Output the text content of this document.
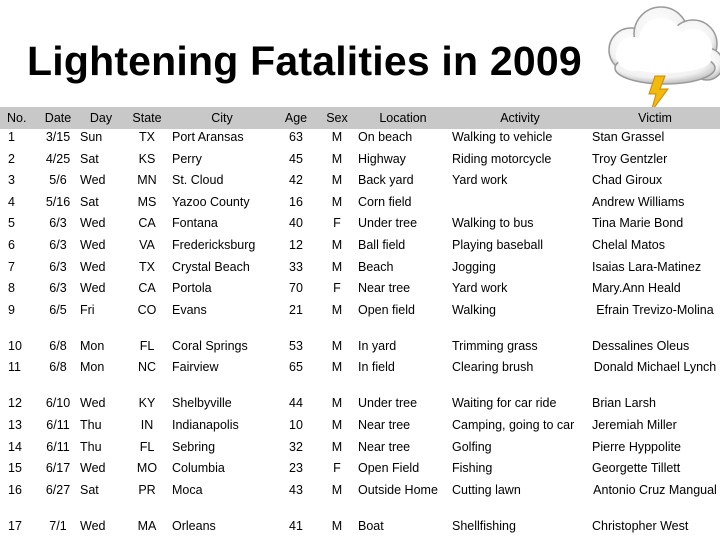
Lightening Fatalities in 2009
No.	Date	Day	State	City	Age	Sex	Location	Activity	Victim
1	3/15	Sun	TX	Port Aransas	63	M	On beach	Walking to vehicle	Stan Grassel
2	4/25	Sat	KS	Perry	45	M	Highway	Riding motorcycle	Troy Gentzler
3	5/6	Wed	MN	St. Cloud	42	M	Back yard	Yard work	Chad Giroux
4	5/16	Sat	MS	Yazoo County	16	M	Corn field		Andrew Williams
5	6/3	Wed	CA	Fontana	40	F	Under tree	Walking to bus	Tina Marie Bond
6	6/3	Wed	VA	Fredericksburg	12	M	Ball field	Playing baseball	Chelal Matos
7	6/3	Wed	TX	Crystal Beach	33	M	Beach	Jogging	Isaias Lara-Matinez
8	6/3	Wed	CA	Portola	70	F	Near tree	Yard work	Mary.Ann Heald
9	6/5	Fri	CO	Evans	21	M	Open field	Walking	Efrain Trevizo-Molina
10	6/8	Mon	FL	Coral Springs	53	M	In yard	Trimming grass	Dessalines Oleus
11	6/8	Mon	NC	Fairview	65	M	In field	Clearing brush	Donald Michael Lynch
12	6/10	Wed	KY	Shelbyville	44	M	Under tree	Waiting for car ride	Brian Larsh
13	6/11	Thu	IN	Indianapolis	10	M	Near tree	Camping, going to car	Jeremiah Miller
14	6/11	Thu	FL	Sebring	32	M	Near tree	Golfing	Pierre Hyppolite
15	6/17	Wed	MO	Columbia	23	F	Open Field	Fishing	Georgette Tillett
16	6/27	Sat	PR	Moca	43	M	Outside Home	Cutting lawn	Antonio Cruz Mangual
17	7/1	Wed	MA	Orleans	41	M	Boat	Shellfishing	Christopher West
